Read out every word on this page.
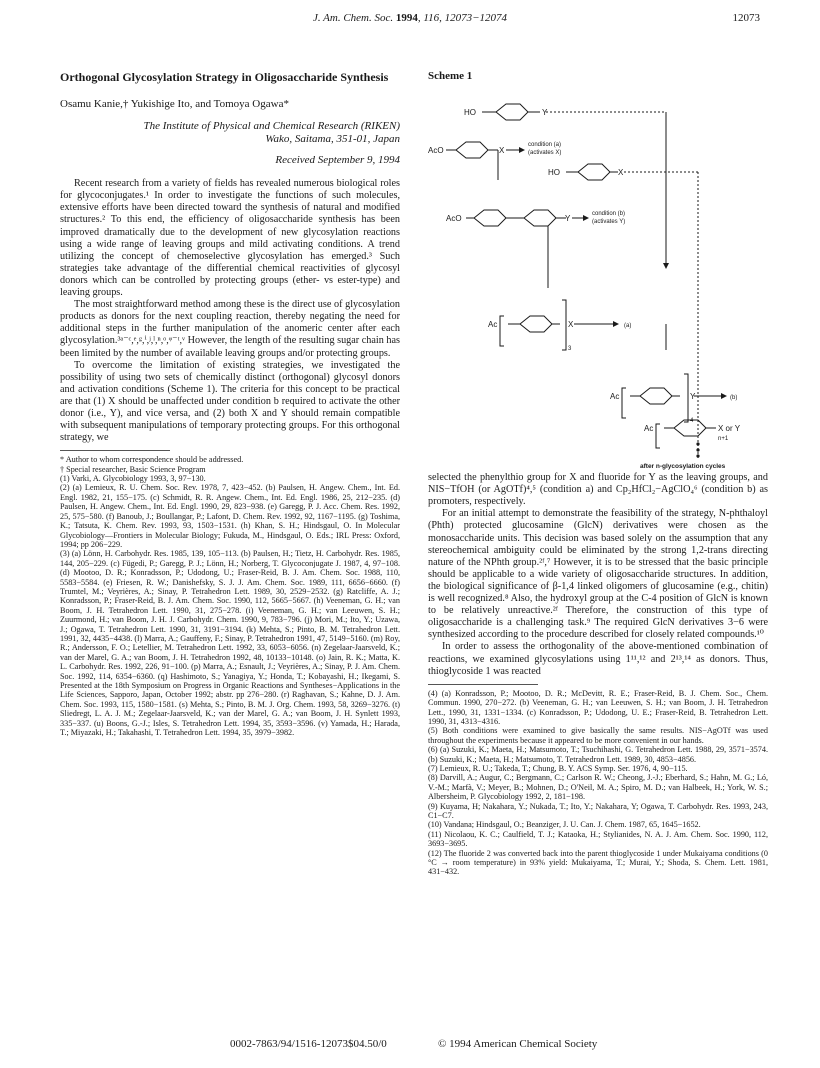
J. Am. Chem. Soc. 1994, 116, 12073−12074	12073
Orthogonal Glycosylation Strategy in Oligosaccharide Synthesis
Osamu Kanie,† Yukishige Ito, and Tomoya Ogawa*
The Institute of Physical and Chemical Research (RIKEN)
Wako, Saitama, 351-01, Japan
Received September 9, 1994

Recent research from a variety of fields has revealed numerous biological roles for glycoconjugates.¹ In order to investigate the functions of such molecules, extensive efforts have been directed toward the synthesis of natural and modified structures.² To this end, the efficiency of oligosaccharide synthesis has been improved dramatically due to the development of new glycosylation reactions using a wide range of leaving groups and mild activating conditions. A trend utilizing the concept of chemoselective glycosylation has emerged.³ Such strategies take advantage of the differential chemical reactivities of glycosyl donors which can be controlled by protecting groups (ether- vs ester-type) and leaving groups.

The most straightforward method among these is the direct use of glycosylation products as donors for the next coupling reaction, thereby negating the need for additional steps in the further manipulation of the anomeric center after each glycosylation.³ᵃ⁻ᶜ,ᵉ,ᵍ,ⁱ,ʲ,ˡ,ⁿ,ᵒ,ᵠ⁻ᵗ,ᵛ However, the length of the resulting sugar chain has been limited by the number of available leaving groups and/or protecting groups.

To overcome the limitation of existing strategies, we investigated the possibility of using two sets of chemically distinct (orthogonal) glycosyl donors and activation conditions (Scheme 1). The criteria for this concept to be practical are that (1) X should be unaffected under condition b required to activate the other donor (i.e., Y), and vice versa, and (2) both X and Y should remain compatible with subsequent manipulations of temporary protecting groups. For this orthogonal strategy, we

* Author to whom correspondence should be addressed.

† Special researcher, Basic Science Program

(1) Varki, A. Glycobiology 1993, 3, 97−130.

(2) (a) Lemieux, R. U. Chem. Soc. Rev. 1978, 7, 423−452. (b) Paulsen, H. Angew. Chem., Int. Ed. Engl. 1982, 21, 155−175. (c) Schmidt, R. R. Angew. Chem., Int. Ed. Engl. 1986, 25, 212−235. (d) Paulsen, H. Angew. Chem., Int. Ed. Engl. 1990, 29, 823−938. (e) Garegg, P. J. Acc. Chem. Res. 1992, 25, 575−580. (f) Banoub, J.; Boullangar, P.; Lafont, D. Chem. Rev. 1992, 92, 1167−1195. (g) Toshima, K.; Tatsuta, K. Chem. Rev. 1993, 93, 1503−1531. (h) Khan, S. H.; Hindsgaul, O. In Molecular Glycobiology—Frontiers in Molecular Biology; Fukuda, M., Hindsgaul, O. Eds.; IRL Press: Oxford, 1994; pp 206−229.

(3) (a) Lönn, H. Carbohydr. Res. 1985, 139, 105−113. (b) Paulsen, H.; Tietz, H. Carbohydr. Res. 1985, 144, 205−229. (c) Fügedi, P.; Garegg, P. J.; Lönn, H.; Norberg, T. Glycoconjugate J. 1987, 4, 97−108. (d) Mootoo, D. R.; Konradsson, P.; Udodong, U.; Fraser-Reid, B. J. Am. Chem. Soc. 1988, 110, 5583−5584. (e) Friesen, R. W.; Danishefsky, S. J. J. Am. Chem. Soc. 1989, 111, 6656−6660. (f) Trumtel, M.; Veyrières, A.; Sinay, P. Tetrahedron Lett. 1989, 30, 2529−2532. (g) Ratcliffe, A. J.; Konradsson, P.; Fraser-Reid, B. J. Am. Chem. Soc. 1990, 112, 5665−5667. (h) Veeneman, G. H.; van Boom, J. H. Tetrahedron Lett. 1990, 31, 275−278. (i) Veeneman, G. H.; van Leeuwen, S. H.; Zuurmond, H.; van Boom, J. H. J. Carbohydr. Chem. 1990, 9, 783−796. (j) Mori, M.; Ito, Y.; Uzawa, J.; Ogawa, T. Tetrahedron Lett. 1990, 31, 3191−3194. (k) Mehta, S.; Pinto, B. M. Tetrahedron Lett. 1991, 32, 4435−4438. (l) Marra, A.; Gauffeny, F.; Sinay, P. Tetrahedron 1991, 47, 5149−5160. (m) Roy, R.; Andersson, F. O.; Letellier, M. Tetrahedron Lett. 1992, 33, 6053−6056. (n) Zegelaar-Jaarsveld, K.; van der Marel, G. A.; van Boom, J. H. Tetrahedron 1992, 48, 10133−10148. (o) Jain, R. K.; Matta, K. L. Carbohydr. Res. 1992, 226, 91−100. (p) Marra, A.; Esnault, J.; Veyrières, A.; Sinay, P. J. Am. Chem. Soc. 1992, 114, 6354−6360. (q) Hashimoto, S.; Yanagiya, Y.; Honda, T.; Kobayashi, H.; Ikegami, S. Presented at the 18th Symposium on Progress in Organic Reactions and Syntheses−Applications in the Life Sciences, Sapporo, Japan, October 1992; abstr. pp 276−280. (r) Raghavan, S.; Kahne, D. J. Am. Chem. Soc. 1993, 115, 1580−1581. (s) Mehta, S.; Pinto, B. M. J. Org. Chem. 1993, 58, 3269−3276. (t) Sliedregt, L. A. J. M.; Zegelaar-Jaarsveld, K.; van der Marel, G. A.; van Boom, J. H. Synlett 1993, 335−337. (u) Boons, G.-J.; Isles, S. Tetrahedron Lett. 1994, 35, 3593−3596. (v) Yamada, H.; Harada, T.; Miyazaki, H.; Takahashi, T. Tetrahedron Lett. 1994, 35, 3979−3982.

Scheme 1
HO	Y
AcO	X
condition (a)
(activates X)
HO	X
AcO	Y	condition (b)
(activates Y)
Ac	X
3
(a)
Ac	Y
4
(b)
Ac	X or Y
n+1
after n-glycosylation cycles

selected the phenylthio group for X and fluoride for Y as the leaving groups, and NIS−TfOH (or AgOTf)⁴,⁵ (condition a) and Cp₂HfCl₂−AgClO₄⁶ (condition b) as promoters, respectively.

For an initial attempt to demonstrate the feasibility of the strategy, N-phthaloyl (Phth) protected glucosamine (GlcN) derivatives were chosen as the monosaccharide units. This decision was based solely on the assumption that any stereochemical ambiguity could be eliminated by the strong 1,2-trans directing nature of the NPhth group.²ᶠ,⁷ However, it is to be stressed that the basic principle should be applicable to a wide variety of oligosaccharide structures. In addition, the biological significance of β-1,4 linked oligomers of glucosamine (e.g., chitin) is well recognized.⁸ Also, the hydroxyl group at the C-4 position of GlcN is known to be relatively unreactive.²ᶠ Therefore, the construction of this type of oligosaccharide is a challenging task.⁹ The required GlcN derivatives 3−6 were synthesized according to the procedure described for closely related compounds.¹⁰

In order to assess the orthogonality of the above-mentioned combination of reactions, we examined glycosylations using 1¹¹,¹² and 2¹³,¹⁴ as donors. Thus, thioglycoside 1 was reacted

(4) (a) Konradsson, P.; Mootoo, D. R.; McDevitt, R. E.; Fraser-Reid, B. J. Chem. Soc., Chem. Commun. 1990, 270−272. (b) Veeneman, G. H.; van Leeuwen, S. H.; van Boom, J. H. Tetrahedron Lett., 1990, 31, 1331−1334. (c) Konradsson, P.; Udodong, U. E.; Fraser-Reid, B. Tetrahedron Lett. 1990, 31, 4313−4316.

(5) Both conditions were examined to give basically the same results. NIS−AgOTf was used throughout the experiments because it appeared to be more convenient in our hands.

(6) (a) Suzuki, K.; Maeta, H.; Matsumoto, T.; Tsuchihashi, G. Tetrahedron Lett. 1988, 29, 3571−3574. (b) Suzuki, K.; Maeta, H.; Matsumoto, T. Tetrahedron Lett. 1989, 30, 4853−4856.

(7) Lemieux, R. U.; Takeda, T.; Chung, B. Y. ACS Symp. Ser. 1976, 4, 90−115.

(8) Darvill, A.; Augur, C.; Bergmann, C.; Carlson R. W.; Cheong, J.-J.; Eberhard, S.; Hahn, M. G.; Ló, V.-M.; Marfà, V.; Meyer, B.; Mohnen, D.; O'Neil, M. A.; Spiro, M. D.; van Halbeek, H.; York, W. S.; Albersheim, P. Glycobiology 1992, 2, 181−198.

(9) Kuyama, H; Nakahara, Y.; Nukada, T.; Ito, Y.; Nakahara, Y; Ogawa, T. Carbohydr. Res. 1993, 243, C1−C7.

(10) Vandana; Hindsgaul, O.; Beanziger, J. U. Can. J. Chem. 1987, 65, 1645−1652.

(11) Nicolaou, K. C.; Caulfield, T. J.; Kataoka, H.; Stylianides, N. A. J. Am. Chem. Soc. 1990, 112, 3693−3695.

(12) The fluoride 2 was converted back into the parent thioglycoside 1 under Mukaiyama conditions (0 °C → room temperature) in 93% yield: Mukaiyama, T.; Murai, Y.; Shoda, S. Chem. Lett. 1981, 431−432.

0002-7863/94/1516-12073$04.50/0	© 1994 American Chemical Society
